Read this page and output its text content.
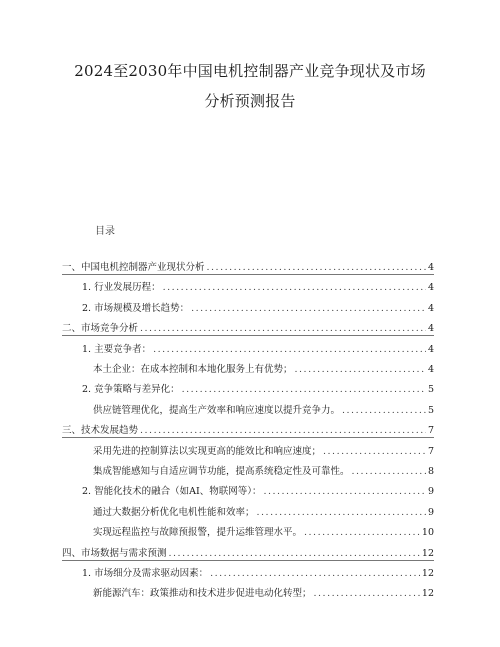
2024至2030年中国电机控制器产业竞争现状及市场
分析预测报告
目录
一、中国电机控制器产业现状分析 .....	4
1. 行业发展历程： .....	4
2. 市场规模及增长趋势： .....	4
二、市场竞争分析 .....	4
1. 主要竞争者： .....	4
本土企业：在成本控制和本地化服务上有优势； .....	4
2. 竞争策略与差异化： .....	5
供应链管理优化，提高生产效率和响应速度以提升竞争力。 .....	5
三、技术发展趋势 .....	7
采用先进的控制算法以实现更高的能效比和响应速度； .....	7
集成智能感知与自适应调节功能，提高系统稳定性及可靠性。 .....	8
2. 智能化技术的融合（如AI、物联网等）： .....	9
通过大数据分析优化电机性能和效率； .....	9
实现远程监控与故障预报警，提升运维管理水平。 .....	10
四、市场数据与需求预测 .....	12
1. 市场细分及需求驱动因素： .....	12
新能源汽车：政策推动和技术进步促进电动化转型； .....	12
